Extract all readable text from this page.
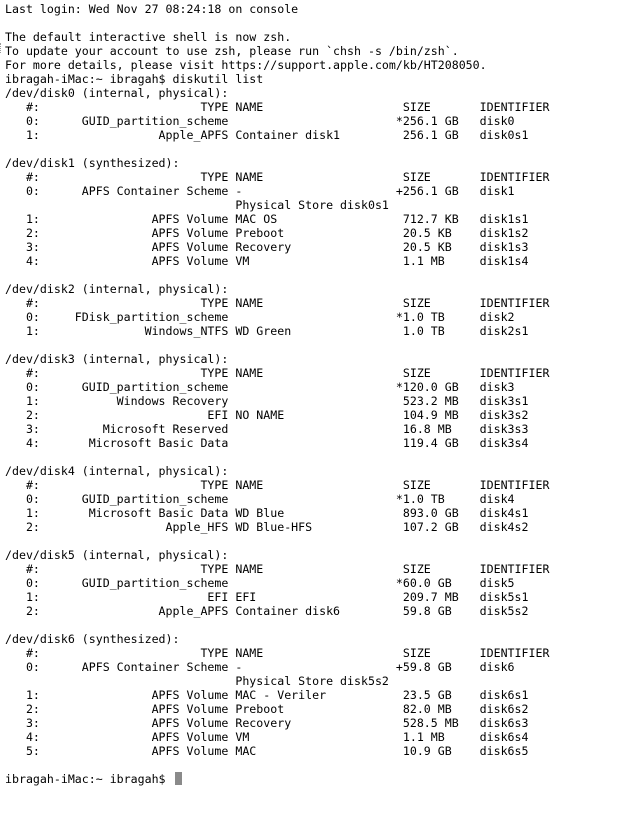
Last login: Wed Nov 27 08:24:18 on console
The default interactive shell is now zsh.
To update your account to use zsh, please run `chsh -s /bin/zsh`.
For more details, please visit https://support.apple.com/kb/HT208050.
ibragah-iMac:~ ibragah$ diskutil list
/dev/disk0 (internal, physical):
#:                       TYPE NAME                    SIZE       IDENTIFIER
0:      GUID_partition_scheme                        *256.1 GB   disk0
1:                 Apple_APFS Container disk1         256.1 GB   disk0s1
/dev/disk1 (synthesized):
#:                       TYPE NAME                    SIZE       IDENTIFIER
0:      APFS Container Scheme -                      +256.1 GB   disk1
Physical Store disk0s1
1:                APFS Volume MAC OS                  712.7 KB   disk1s1
2:                APFS Volume Preboot                 20.5 KB    disk1s2
3:                APFS Volume Recovery                20.5 KB    disk1s3
4:                APFS Volume VM                      1.1 MB     disk1s4
/dev/disk2 (internal, physical):
#:                       TYPE NAME                    SIZE       IDENTIFIER
0:     FDisk_partition_scheme                        *1.0 TB     disk2
1:               Windows_NTFS WD Green                1.0 TB     disk2s1
/dev/disk3 (internal, physical):
#:                       TYPE NAME                    SIZE       IDENTIFIER
0:      GUID_partition_scheme                        *120.0 GB   disk3
1:           Windows Recovery                         523.2 MB   disk3s1
2:                        EFI NO NAME                 104.9 MB   disk3s2
3:         Microsoft Reserved                         16.8 MB    disk3s3
4:       Microsoft Basic Data                         119.4 GB   disk3s4
/dev/disk4 (internal, physical):
#:                       TYPE NAME                    SIZE       IDENTIFIER
0:      GUID_partition_scheme                        *1.0 TB     disk4
1:       Microsoft Basic Data WD Blue                 893.0 GB   disk4s1
2:                  Apple_HFS WD Blue-HFS             107.2 GB   disk4s2
/dev/disk5 (internal, physical):
#:                       TYPE NAME                    SIZE       IDENTIFIER
0:      GUID_partition_scheme                        *60.0 GB    disk5
1:                        EFI EFI                     209.7 MB   disk5s1
2:                 Apple_APFS Container disk6         59.8 GB    disk5s2
/dev/disk6 (synthesized):
#:                       TYPE NAME                    SIZE       IDENTIFIER
0:      APFS Container Scheme -                      +59.8 GB    disk6
Physical Store disk5s2
1:                APFS Volume MAC - Veriler           23.5 GB    disk6s1
2:                APFS Volume Preboot                 82.0 MB    disk6s2
3:                APFS Volume Recovery                528.5 MB   disk6s3
4:                APFS Volume VM                      1.1 MB     disk6s4
5:                APFS Volume MAC                     10.9 GB    disk6s5
ibragah-iMac:~ ibragah$
